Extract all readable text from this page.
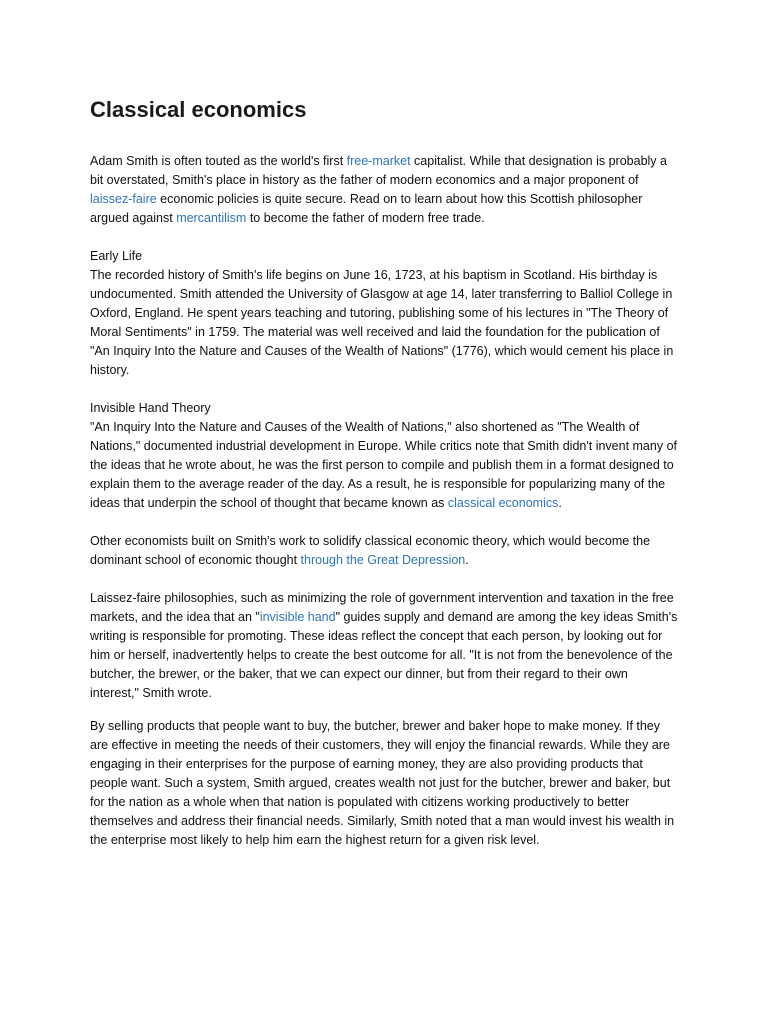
Classical economics

Adam Smith is often touted as the world's first free-market capitalist. While that designation is probably a bit overstated, Smith's place in history as the father of modern economics and a major proponent of laissez-faire economic policies is quite secure. Read on to learn about how this Scottish philosopher argued against mercantilism to become the father of modern free trade.

Early Life
The recorded history of Smith's life begins on June 16, 1723, at his baptism in Scotland. His birthday is undocumented. Smith attended the University of Glasgow at age 14, later transferring to Balliol College in Oxford, England. He spent years teaching and tutoring, publishing some of his lectures in "The Theory of Moral Sentiments" in 1759. The material was well received and laid the foundation for the publication of "An Inquiry Into the Nature and Causes of the Wealth of Nations" (1776), which would cement his place in history.

Invisible Hand Theory
"An Inquiry Into the Nature and Causes of the Wealth of Nations," also shortened as "The Wealth of Nations," documented industrial development in Europe. While critics note that Smith didn't invent many of the ideas that he wrote about, he was the first person to compile and publish them in a format designed to explain them to the average reader of the day. As a result, he is responsible for popularizing many of the ideas that underpin the school of thought that became known as classical economics.

Other economists built on Smith's work to solidify classical economic theory, which would become the dominant school of economic thought through the Great Depression.

Laissez-faire philosophies, such as minimizing the role of government intervention and taxation in the free markets, and the idea that an "invisible hand" guides supply and demand are among the key ideas Smith's writing is responsible for promoting. These ideas reflect the concept that each person, by looking out for him or herself, inadvertently helps to create the best outcome for all. "It is not from the benevolence of the butcher, the brewer, or the baker, that we can expect our dinner, but from their regard to their own interest," Smith wrote.

By selling products that people want to buy, the butcher, brewer and baker hope to make money. If they are effective in meeting the needs of their customers, they will enjoy the financial rewards. While they are engaging in their enterprises for the purpose of earning money, they are also providing products that people want. Such a system, Smith argued, creates wealth not just for the butcher, brewer and baker, but for the nation as a whole when that nation is populated with citizens working productively to better themselves and address their financial needs. Similarly, Smith noted that a man would invest his wealth in the enterprise most likely to help him earn the highest return for a given risk level.
